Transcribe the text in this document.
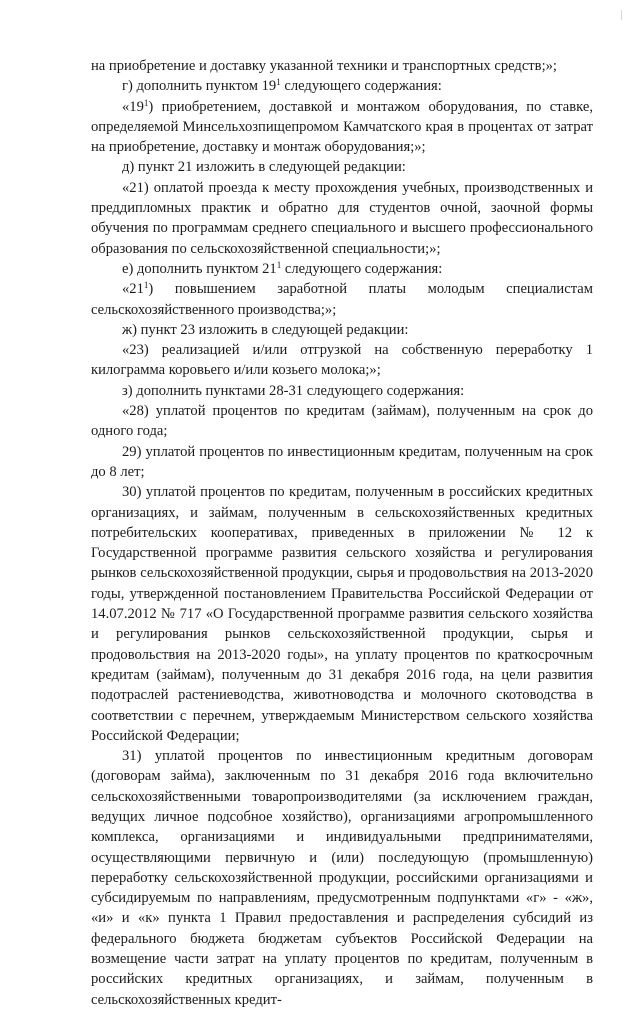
на приобретение и доставку указанной техники и транспортных средств;»;

г) дополнить пунктом $19^1$ следующего содержания:

«$19^1$) приобретением, доставкой и монтажом оборудования, по ставке, определяемой Минсельхозпищепромом Камчатского края в процентах от затрат на приобретение, доставку и монтаж оборудования;»;

д) пункт 21 изложить в следующей редакции:

«21) оплатой проезда к месту прохождения учебных, производственных и преддипломных практик и обратно для студентов очной, заочной формы обучения по программам среднего специального и высшего профессионального образования по сельскохозяйственной специальности;»;

е) дополнить пунктом $21^1$ следующего содержания:

«$21^1$) повышением заработной платы молодым специалистам сельскохозяйственного производства;»;

ж) пункт 23 изложить в следующей редакции:

«23) реализацией и/или отгрузкой на собственную переработку 1 килограмма коровьего и/или козьего молока;»;

з) дополнить пунктами 28-31 следующего содержания:

«28) уплатой процентов по кредитам (займам), полученным на срок до одного года;

29) уплатой процентов по инвестиционным кредитам, полученным на срок до 8 лет;

30) уплатой процентов по кредитам, полученным в российских кредитных организациях, и займам, полученным в сельскохозяйственных кредитных потребительских кооперативах, приведенных в приложении № 12 к Государственной программе развития сельского хозяйства и регулирования рынков сельскохозяйственной продукции, сырья и продовольствия на 2013-2020 годы, утвержденной постановлением Правительства Российской Федерации от 14.07.2012 № 717 «О Государственной программе развития сельского хозяйства и регулирования рынков сельскохозяйственной продукции, сырья и продовольствия на 2013-2020 годы», на уплату процентов по краткосрочным кредитам (займам), полученным до 31 декабря 2016 года, на цели развития подотраслей растениеводства, животноводства и молочного скотоводства в соответствии с перечнем, утверждаемым Министерством сельского хозяйства Российской Федерации;

31) уплатой процентов по инвестиционным кредитным договорам (договорам займа), заключенным по 31 декабря 2016 года включительно сельскохозяйственными товаропроизводителями (за исключением граждан, ведущих личное подсобное хозяйство), организациями агропромышленного комплекса, организациями и индивидуальными предпринимателями, осуществляющими первичную и (или) последующую (промышленную) переработку сельскохозяйственной продукции, российскими организациями и субсидируемым по направлениям, предусмотренным подпунктами «г» - «ж», «и» и «к» пункта 1 Правил предоставления и распределения субсидий из федерального бюджета бюджетам субъектов Российской Федерации на возмещение части затрат на уплату процентов по кредитам, полученным в российских кредитных организациях, и займам, полученным в сельскохозяйственных кредит-
